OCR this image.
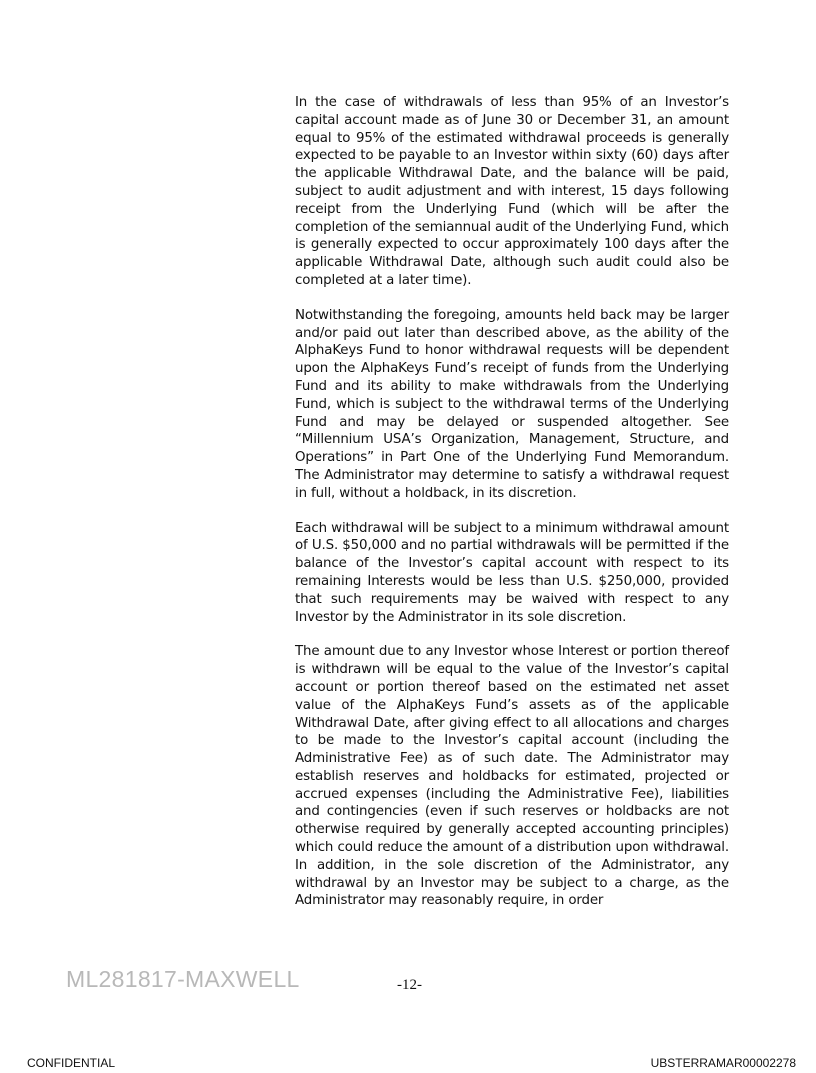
In the case of withdrawals of less than 95% of an Investor’s capital account made as of June 30 or December 31, an amount equal to 95% of the estimated withdrawal proceeds is generally expected to be payable to an Investor within sixty (60) days after the applicable Withdrawal Date, and the balance will be paid, subject to audit adjustment and with interest, 15 days following receipt from the Underlying Fund (which will be after the completion of the semiannual audit of the Underlying Fund, which is generally expected to occur approximately 100 days after the applicable Withdrawal Date, although such audit could also be completed at a later time).

Notwithstanding the foregoing, amounts held back may be larger and/or paid out later than described above, as the ability of the AlphaKeys Fund to honor withdrawal requests will be dependent upon the AlphaKeys Fund’s receipt of funds from the Underlying Fund and its ability to make withdrawals from the Underlying Fund, which is subject to the withdrawal terms of the Underlying Fund and may be delayed or suspended altogether. See “Millennium USA’s Organization, Management, Structure, and Operations” in Part One of the Underlying Fund Memorandum. The Administrator may determine to satisfy a withdrawal request in full, without a holdback, in its discretion.

Each withdrawal will be subject to a minimum withdrawal amount of U.S. $50,000 and no partial withdrawals will be permitted if the balance of the Investor’s capital account with respect to its remaining Interests would be less than U.S. $250,000, provided that such requirements may be waived with respect to any Investor by the Administrator in its sole discretion.

The amount due to any Investor whose Interest or portion thereof is withdrawn will be equal to the value of the Investor’s capital account or portion thereof based on the estimated net asset value of the AlphaKeys Fund’s assets as of the applicable Withdrawal Date, after giving effect to all allocations and charges to be made to the Investor’s capital account (including the Administrative Fee) as of such date. The Administrator may establish reserves and holdbacks for estimated, projected or accrued expenses (including the Administrative Fee), liabilities and contingencies (even if such reserves or holdbacks are not otherwise required by generally accepted accounting principles) which could reduce the amount of a distribution upon withdrawal. In addition, in the sole discretion of the Administrator, any withdrawal by an Investor may be subject to a charge, as the Administrator may reasonably require, in order

ML281817-MAXWELL	-12-
CONFIDENTIAL	UBSTERRAMAR00002278
